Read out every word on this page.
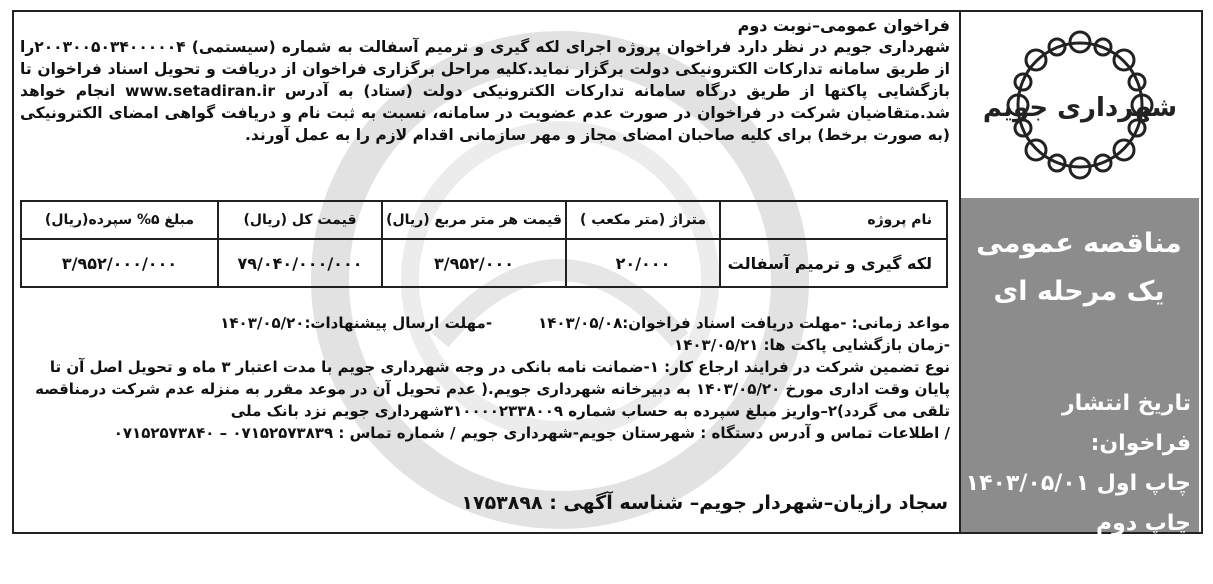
شهرداری جویم
مناقصه عمومی
یک مرحله ای
تاریخ انتشار فراخوان:
چاپ اول ۱۴۰۳/۰۵/۰۱
چاپ دوم ۱۴۰۳/۰۵/۰۸

فراخوان عمومی–نوبت دوم

شهرداری جویم در نظر دارد فراخوان پروژه اجرای لکه گیری و ترمیم آسفالت به شماره (سیستمی) ۲۰۰۳۰۰۵۰۳۴۰۰۰۰۰۴را از طریق سامانه تدارکات الکترونیکی دولت برگزار نماید.کلیه مراحل برگزاری فراخوان از دریافت و تحویل اسناد فراخوان تا بازگشایی پاکتها از طریق درگاه سامانه تدارکات الکترونیکی دولت (ستاد) به آدرس www.setadiran.ir انجام خواهد شد.متقاضیان شرکت در فراخوان در صورت عدم عضویت در سامانه، نسبت به ثبت نام و دریافت گواهی امضای الکترونیکی (به صورت برخط) برای کلیه صاحبان امضای مجاز و مهر سازمانی اقدام لازم را به عمل آورند.

نام پروژه	متراژ (متر مکعب )	قیمت هر متر مربع (ریال)	قیمت کل (ریال)	مبلغ ۵% سپرده(ریال)
لکه گیری و ترمیم آسفالت	۲۰/۰۰۰	۳/۹۵۲/۰۰۰	۷۹/۰۴۰/۰۰۰/۰۰۰	۳/۹۵۲/۰۰۰/۰۰۰

مواعد زمانی: -مهلت دریافت اسناد فراخوان:۱۴۰۳/۰۵/۰۸
-مهلت ارسال پیشنهادات:۱۴۰۳/۰۵/۲۰

-زمان بازگشایی پاکت ها: ۱۴۰۳/۰۵/۲۱

نوع تضمین شرکت در فرایند ارجاع کار: ۱-ضمانت نامه بانکی در وجه شهرداری جویم با مدت اعتبار ۳ ماه و تحویل اصل آن تا پایان وقت اداری مورخ ۱۴۰۳/۰۵/۲۰ به دبیرخانه شهرداری جویم.( عدم تحویل آن در موعد مقرر به منزله عدم شرکت درمناقصه تلقی می گردد)۲–واریز مبلغ سپرده به حساب شماره ۳۱۰۰۰۰۲۳۳۸۰۰۹شهرداری جویم نزد بانک ملی

/ اطلاعات تماس و آدرس دستگاه : شهرستان جویم-شهرداری جویم / شماره تماس : ۰۷۱۵۲۵۷۳۸۳۹ – ۰۷۱۵۲۵۷۳۸۴۰

سجاد رازیان–شهردار جویم– شناسه آگهی : ۱۷۵۳۸۹۸
